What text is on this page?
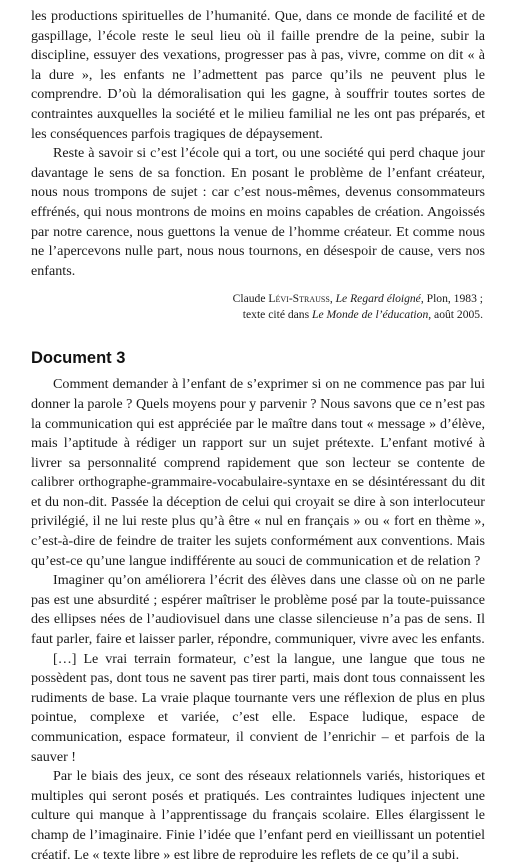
les productions spirituelles de l’humanité. Que, dans ce monde de facilité et de gaspillage, l’école reste le seul lieu où il faille prendre de la peine, subir la discipline, essuyer des vexations, progresser pas à pas, vivre, comme on dit « à la dure », les enfants ne l’admettent pas parce qu’ils ne peuvent plus le comprendre. D’où la démoralisation qui les gagne, à souffrir toutes sortes de contraintes auxquelles la société et le milieu familial ne les ont pas préparés, et les conséquences parfois tragiques de dépaysement.

Reste à savoir si c’est l’école qui a tort, ou une société qui perd chaque jour davantage le sens de sa fonction. En posant le problème de l’enfant créateur, nous nous trompons de sujet : car c’est nous-mêmes, devenus consommateurs effrénés, qui nous montrons de moins en moins capables de création. Angoissés par notre carence, nous guettons la venue de l’homme créateur. Et comme nous ne l’apercevons nulle part, nous nous tournons, en désespoir de cause, vers nos enfants.

Claude Lévi-Strauss, Le Regard éloigné, Plon, 1983 ;
texte cité dans Le Monde de l’éducation, août 2005.
Document 3

Comment demander à l’enfant de s’exprimer si on ne commence pas par lui donner la parole ? Quels moyens pour y parvenir ? Nous savons que ce n’est pas la communication qui est appréciée par le maître dans tout « message » d’élève, mais l’aptitude à rédiger un rapport sur un sujet prétexte. L’enfant motivé à livrer sa personnalité comprend rapidement que son lecteur se contente de calibrer orthographe-grammaire-vocabulaire-syntaxe en se désintéressant du dit et du non-dit. Passée la déception de celui qui croyait se dire à son interlocuteur privilégié, il ne lui reste plus qu’à être « nul en français » ou « fort en thème », c’est-à-dire de feindre de traiter les sujets conformément aux conventions. Mais qu’est-ce qu’une langue indifférente au souci de communication et de relation ?

Imaginer qu’on améliorera l’écrit des élèves dans une classe où on ne parle pas est une absurdité ; espérer maîtriser le problème posé par la toute-puissance des ellipses nées de l’audiovisuel dans une classe silencieuse n’a pas de sens. Il faut parler, faire et laisser parler, répondre, communiquer, vivre avec les enfants.

[…] Le vrai terrain formateur, c’est la langue, une langue que tous ne possèdent pas, dont tous ne savent pas tirer parti, mais dont tous connaissent les rudiments de base. La vraie plaque tournante vers une réflexion de plus en plus pointue, complexe et variée, c’est elle. Espace ludique, espace de communication, espace formateur, il convient de l’enrichir – et parfois de la sauver !

Par le biais des jeux, ce sont des réseaux relationnels variés, historiques et multiples qui seront posés et pratiqués. Les contraintes ludiques injectent une culture qui manque à l’apprentissage du français scolaire. Elles élargissent le champ de l’imaginaire. Finie l’idée que l’enfant perd en vieillissant un potentiel créatif. Le « texte libre » est libre de reproduire les reflets de ce qu’il a subi.
